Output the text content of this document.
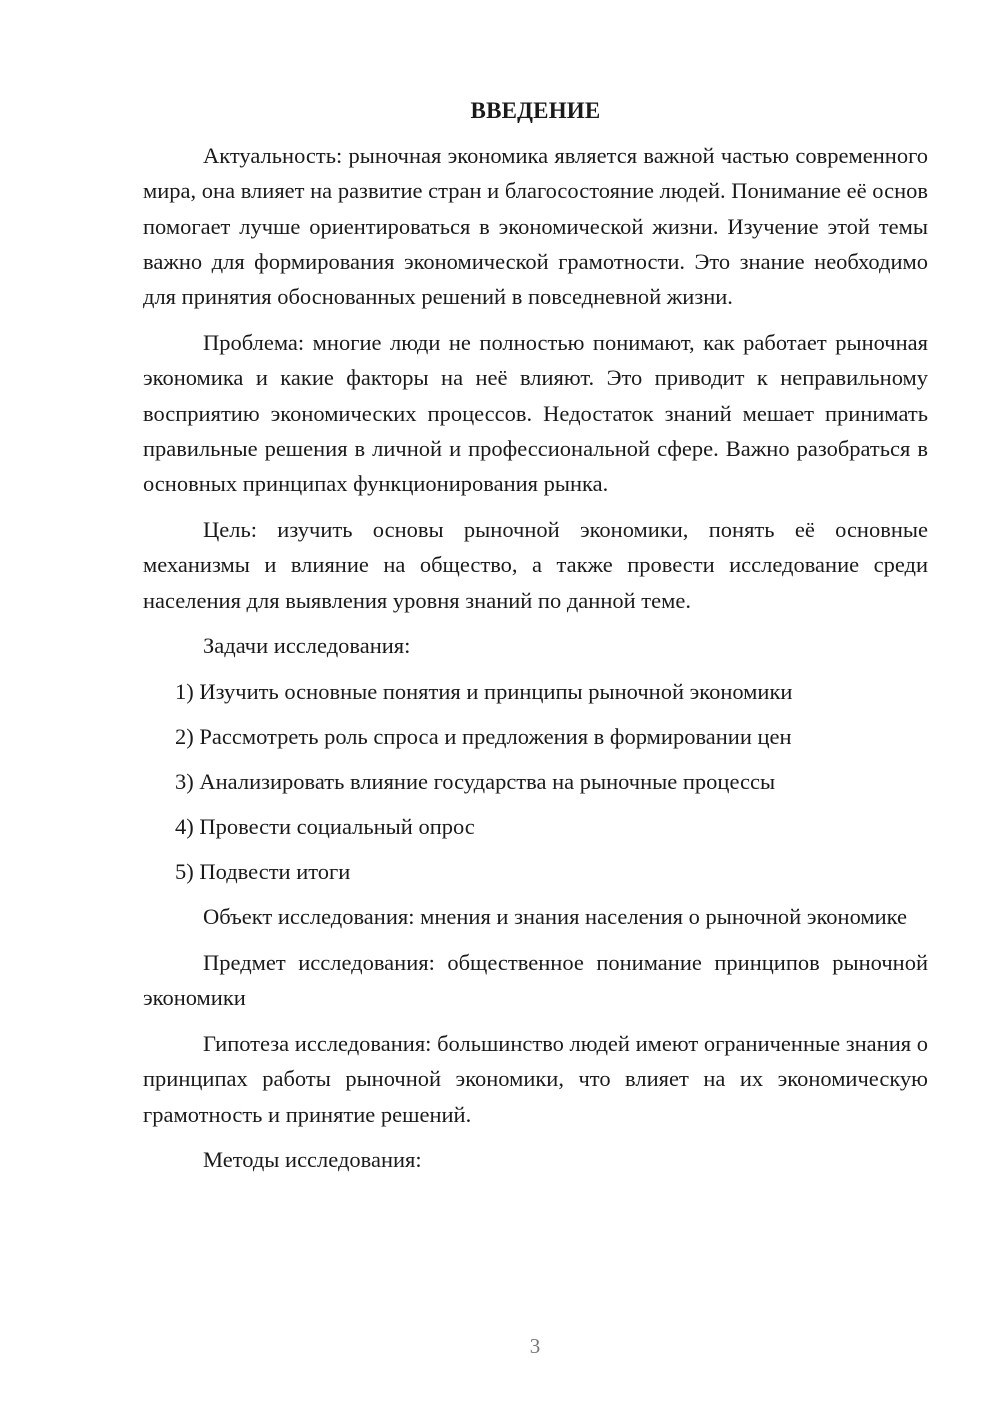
ВВЕДЕНИЕ

Актуальность: рыночная экономика является важной частью современного мира, она влияет на развитие стран и благосостояние людей. Понимание её основ помогает лучше ориентироваться в экономической жизни. Изучение этой темы важно для формирования экономической грамотности. Это знание необходимо для принятия обоснованных решений в повседневной жизни.

Проблема: многие люди не полностью понимают, как работает рыночная экономика и какие факторы на неё влияют. Это приводит к неправильному восприятию экономических процессов. Недостаток знаний мешает принимать правильные решения в личной и профессиональной сфере. Важно разобраться в основных принципах функционирования рынка.

Цель: изучить основы рыночной экономики, понять её основные механизмы и влияние на общество, а также провести исследование среди населения для выявления уровня знаний по данной теме.

Задачи исследования:

1) Изучить основные понятия и принципы рыночной экономики

2) Рассмотреть роль спроса и предложения в формировании цен

3) Анализировать влияние государства на рыночные процессы

4) Провести социальный опрос

5) Подвести итоги

Объект исследования: мнения и знания населения о рыночной экономике

Предмет исследования: общественное понимание принципов рыночной экономики

Гипотеза исследования: большинство людей имеют ограниченные знания о принципах работы рыночной экономики, что влияет на их экономическую грамотность и принятие решений.

Методы исследования:

3
